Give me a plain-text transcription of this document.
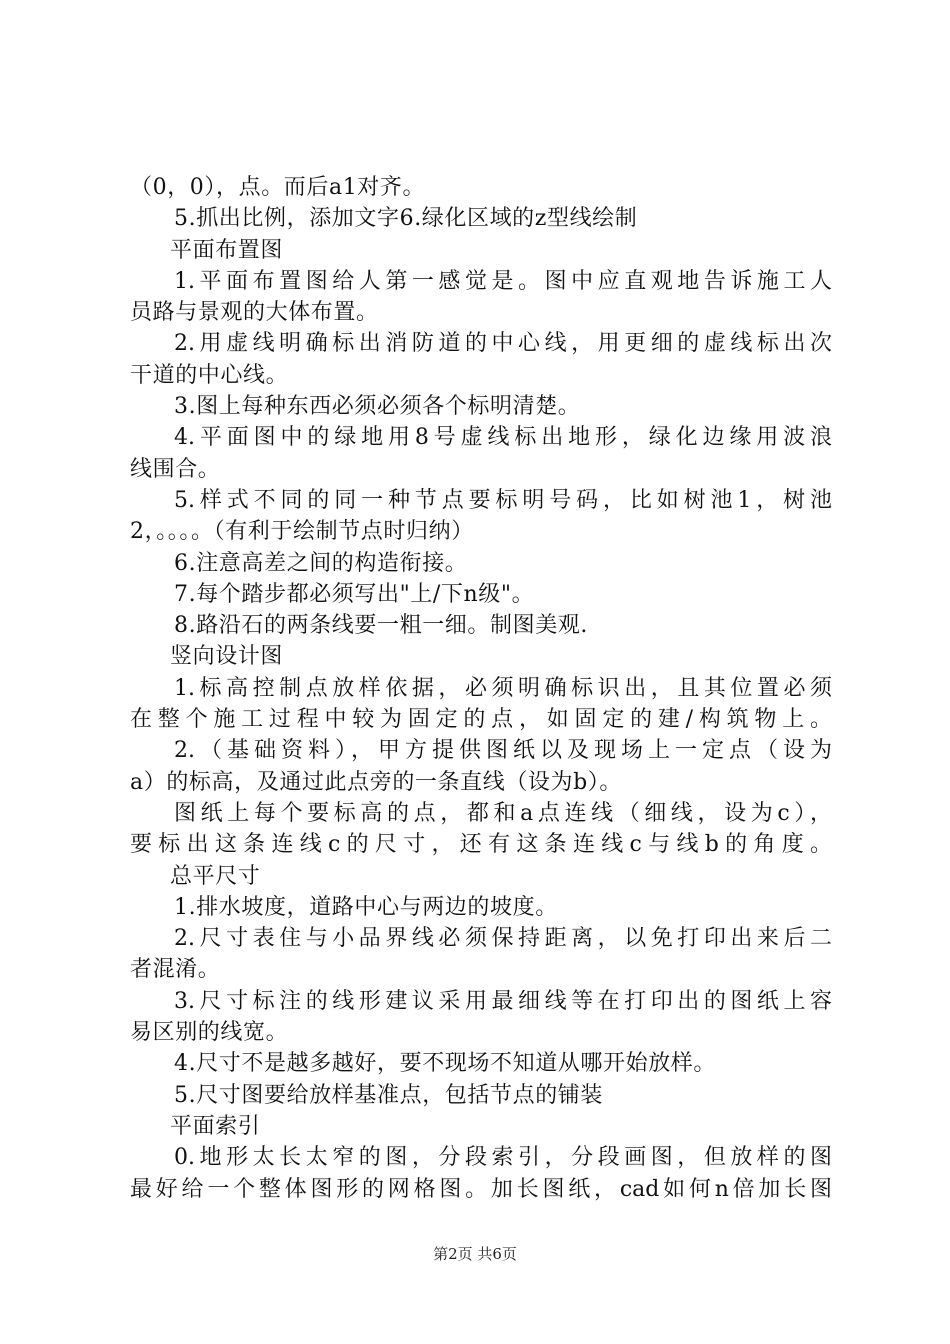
（0，0），点。而后a1对齐。
5.抓出比例，添加文字6.绿化区域的z型线绘制
平面布置图
1.平面布置图给人第一感觉是。图中应直观地告诉施工人
员路与景观的大体布置。
2.用虚线明确标出消防道的中心线，用更细的虚线标出次
干道的中心线。
3.图上每种东西必须必须各个标明清楚。
4.平面图中的绿地用8号虚线标出地形，绿化边缘用波浪
线围合。
5.样式不同的同一种节点要标明号码，比如树池1，树池
2，。。。。（有利于绘制节点时归纳）
6.注意高差之间的构造衔接。
7.每个踏步都必须写出"上/下n级"。
8.路沿石的两条线要一粗一细。制图美观.
竖向设计图
1.标高控制点放样依据，必须明确标识出，且其位置必须
在整个施工过程中较为固定的点，如固定的建/构筑物上。
2.（基础资料），甲方提供图纸以及现场上一定点（设为
a）的标高，及通过此点旁的一条直线（设为b）。
图纸上每个要标高的点，都和a点连线（细线，设为c），
要标出这条连线c的尺寸，还有这条连线c与线b的角度。
总平尺寸
1.排水坡度，道路中心与两边的坡度。
2.尺寸表住与小品界线必须保持距离，以免打印出来后二
者混淆。
3.尺寸标注的线形建议采用最细线等在打印出的图纸上容
易区别的线宽。
4.尺寸不是越多越好，要不现场不知道从哪开始放样。
5.尺寸图要给放样基准点，包括节点的铺装
平面索引
0.地形太长太窄的图，分段索引，分段画图，但放样的图
最好给一个整体图形的网格图。加长图纸，cad如何n倍加长图
第2页 共6页
